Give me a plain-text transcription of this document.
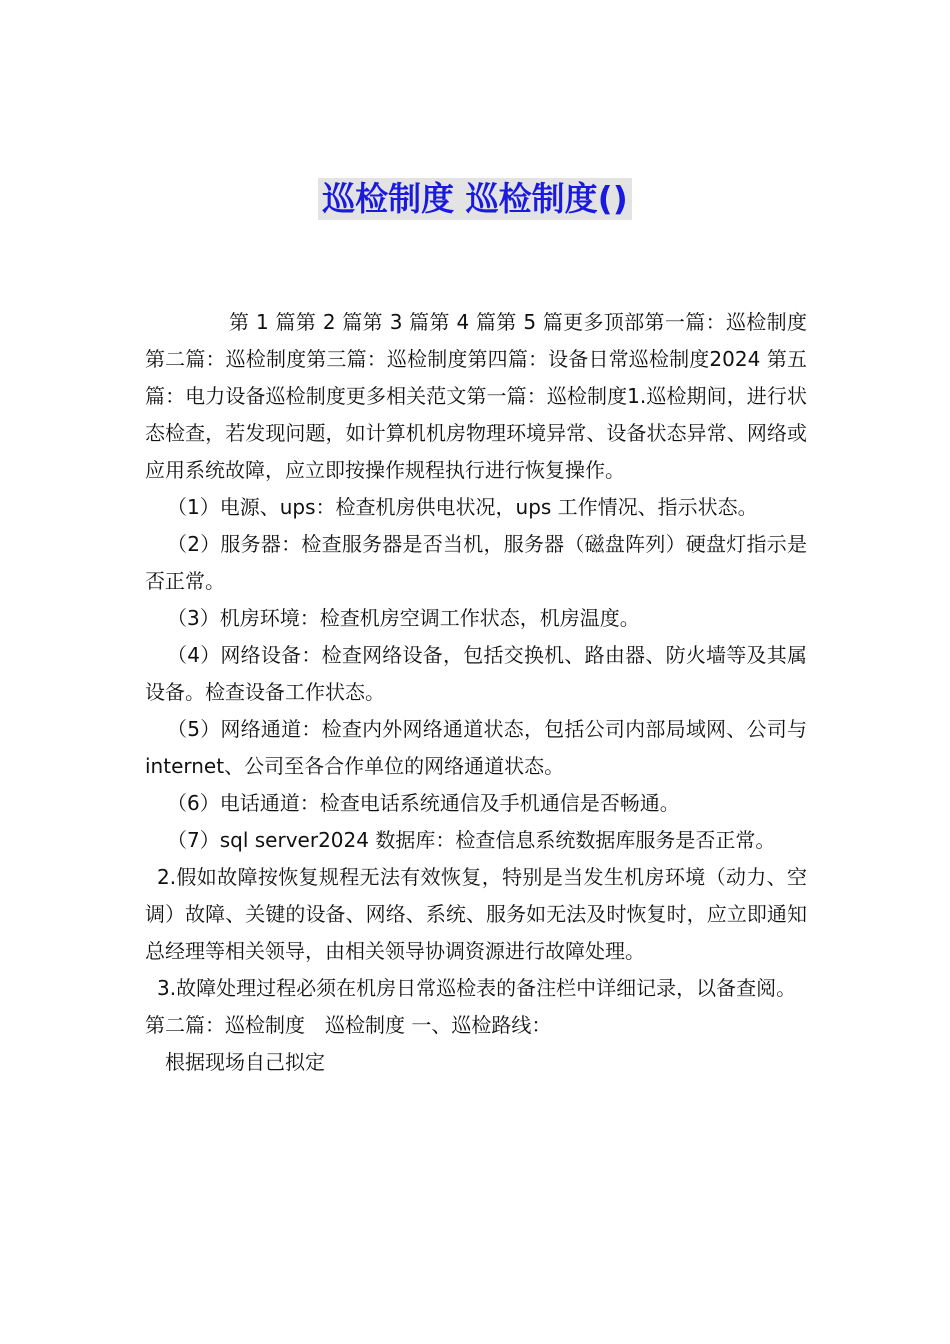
巡检制度 巡检制度()

第 1 篇第 2 篇第 3 篇第 4 篇第 5 篇更多顶部第一篇：巡检制度第二篇：巡检制度第三篇：巡检制度第四篇：设备日常巡检制度2024 第五篇：电力设备巡检制度更多相关范文第一篇：巡检制度1.巡检期间，进行状态检查，若发现问题，如计算机机房物理环境异常、设备状态异常、网络或应用系统故障，应立即按操作规程执行进行恢复操作。

（1）电源、ups：检查机房供电状况，ups 工作情况、指示状态。

（2）服务器：检查服务器是否当机，服务器（磁盘阵列）硬盘灯指示是否正常。

（3）机房环境：检查机房空调工作状态，机房温度。

（4）网络设备：检查网络设备，包括交换机、路由器、防火墙等及其属设备。检查设备工作状态。

（5）网络通道：检查内外网络通道状态，包括公司内部局域网、公司与 internet、公司至各合作单位的网络通道状态。

（6）电话通道：检查电话系统通信及手机通信是否畅通。

（7）sql server2024 数据库：检查信息系统数据库服务是否正常。

2.假如故障按恢复规程无法有效恢复，特别是当发生机房环境（动力、空调）故障、关键的设备、网络、系统、服务如无法及时恢复时，应立即通知总经理等相关领导，由相关领导协调资源进行故障处理。

3.故障处理过程必须在机房日常巡检表的备注栏中详细记录，以备查阅。

第二篇：巡检制度　巡检制度 一、巡检路线：

根据现场自己拟定
